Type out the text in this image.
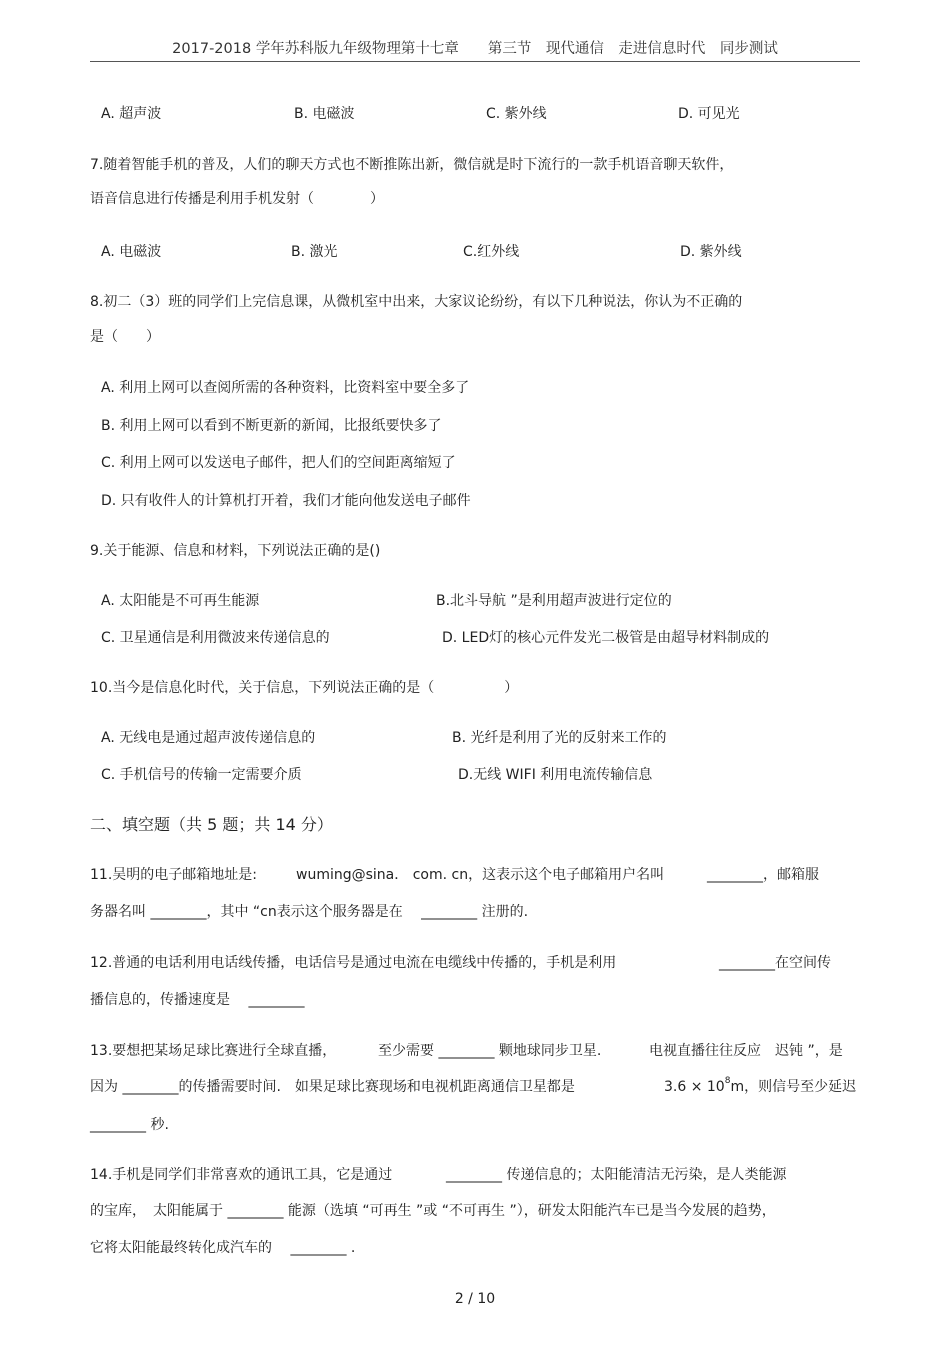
2017-2018 学年苏科版九年级物理第十七章　　第三节　现代通信　走进信息时代　同步测试
A. 超声波	B. 电磁波	C. 紫外线	D. 可见光
7.随着智能手机的普及，人们的聊天方式也不断推陈出新，微信就是时下流行的一款手机语音聊天软件，
语音信息进行传播是利用手机发射（　　　　）
A. 电磁波	B. 激光	C.红外线	D. 紫外线
8.初二（3）班的同学们上完信息课，从微机室中出来，大家议论纷纷，有以下几种说法，你认为不正确的
是（　　）
A. 利用上网可以查阅所需的各种资料，比资料室中要全多了
B. 利用上网可以看到不断更新的新闻，比报纸要快多了
C. 利用上网可以发送电子邮件，把人们的空间距离缩短了
D. 只有收件人的计算机打开着，我们才能向他发送电子邮件
9.关于能源、信息和材料，下列说法正确的是()
A. 太阳能是不可再生能源	B.北斗导航 ”是利用超声波进行定位的
C. 卫星通信是利用微波来传递信息的	D. LED灯的核心元件发光二极管是由超导材料制成的
10.当今是信息化时代，关于信息，下列说法正确的是（　　　　　）
A. 无线电是通过超声波传递信息的	B. 光纤是利用了光的反射来工作的
C. 手机信号的传输一定需要介质	D.无线 WIFI 利用电流传输信息
二、填空题（共 5 题；共 14 分）
11.吴明的电子邮箱地址是:	wuming@sina． com. cn，这表示这个电子邮箱用户名叫	________，邮箱服
务器名叫 ________，其中 “cn表示这个服务器是在　 ________ 注册的.
12.普通的电话利用电话线传播，电话信号是通过电流在电缆线中传播的，手机是利用	________在空间传
播信息的，传播速度是　 ________
13.要想把某场足球比赛进行全球直播，	至少需要 ________ 颗地球同步卫星.	电视直播往往反应　迟钝 ”，是
因为 ________的传播需要时间.　如果足球比赛现场和电视机距离通信卫星都是	$3.6 \times 10^8m$，则信号至少延迟
________ 秒.
14.手机是同学们非常喜欢的通讯工具，它是通过	________ 传递信息的；太阳能清洁无污染，是人类能源
的宝库，　太阳能属于 ________ 能源（选填 “可再生 ”或 “不可再生 ”），研发太阳能汽车已是当今发展的趋势，
它将太阳能最终转化成汽车的　 ________ .
2 / 10
